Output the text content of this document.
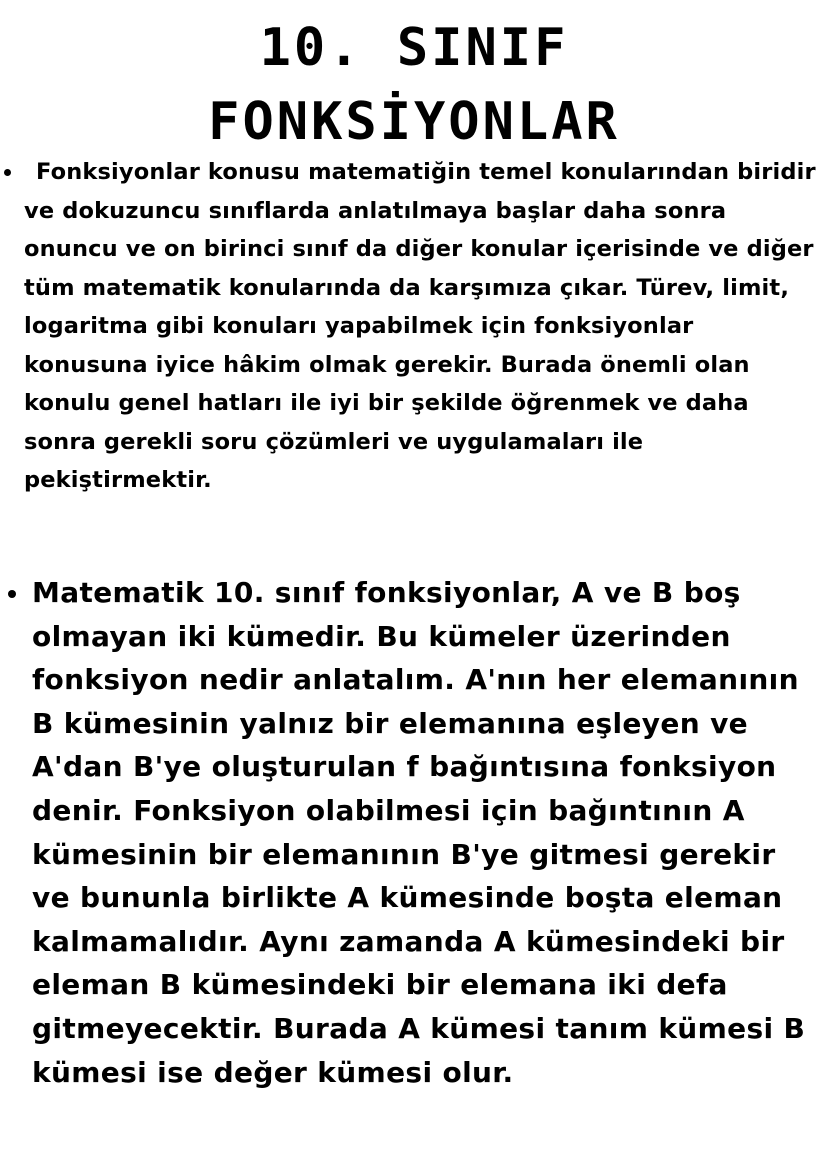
10. SINIF
FONKSİYONLAR
Fonksiyonlar konusu matematiğin temel konularından biridir ve dokuzuncu sınıflarda anlatılmaya başlar daha sonra onuncu ve on birinci sınıf da diğer konular içerisinde ve diğer tüm matematik konularında da karşımıza çıkar. Türev, limit, logaritma gibi konuları yapabilmek için fonksiyonlar konusuna iyice hâkim olmak gerekir. Burada önemli olan konulu genel hatları ile iyi bir şekilde öğrenmek ve daha sonra gerekli soru çözümleri ve uygulamaları ile pekiştirmektir.
Matematik 10. sınıf fonksiyonlar, A ve B boş olmayan iki kümedir. Bu kümeler üzerinden fonksiyon nedir anlatalım. A'nın her elemanının B kümesinin yalnız bir elemanına eşleyen ve A'dan B'ye oluşturulan f bağıntısına fonksiyon denir. Fonksiyon olabilmesi için bağıntının A kümesinin bir elemanının B'ye gitmesi gerekir ve bununla birlikte A kümesinde boşta eleman kalmamalıdır. Aynı zamanda A kümesindeki bir eleman B kümesindeki bir elemana iki defa gitmeyecektir. Burada A kümesi tanım kümesi B kümesi ise değer kümesi olur.
